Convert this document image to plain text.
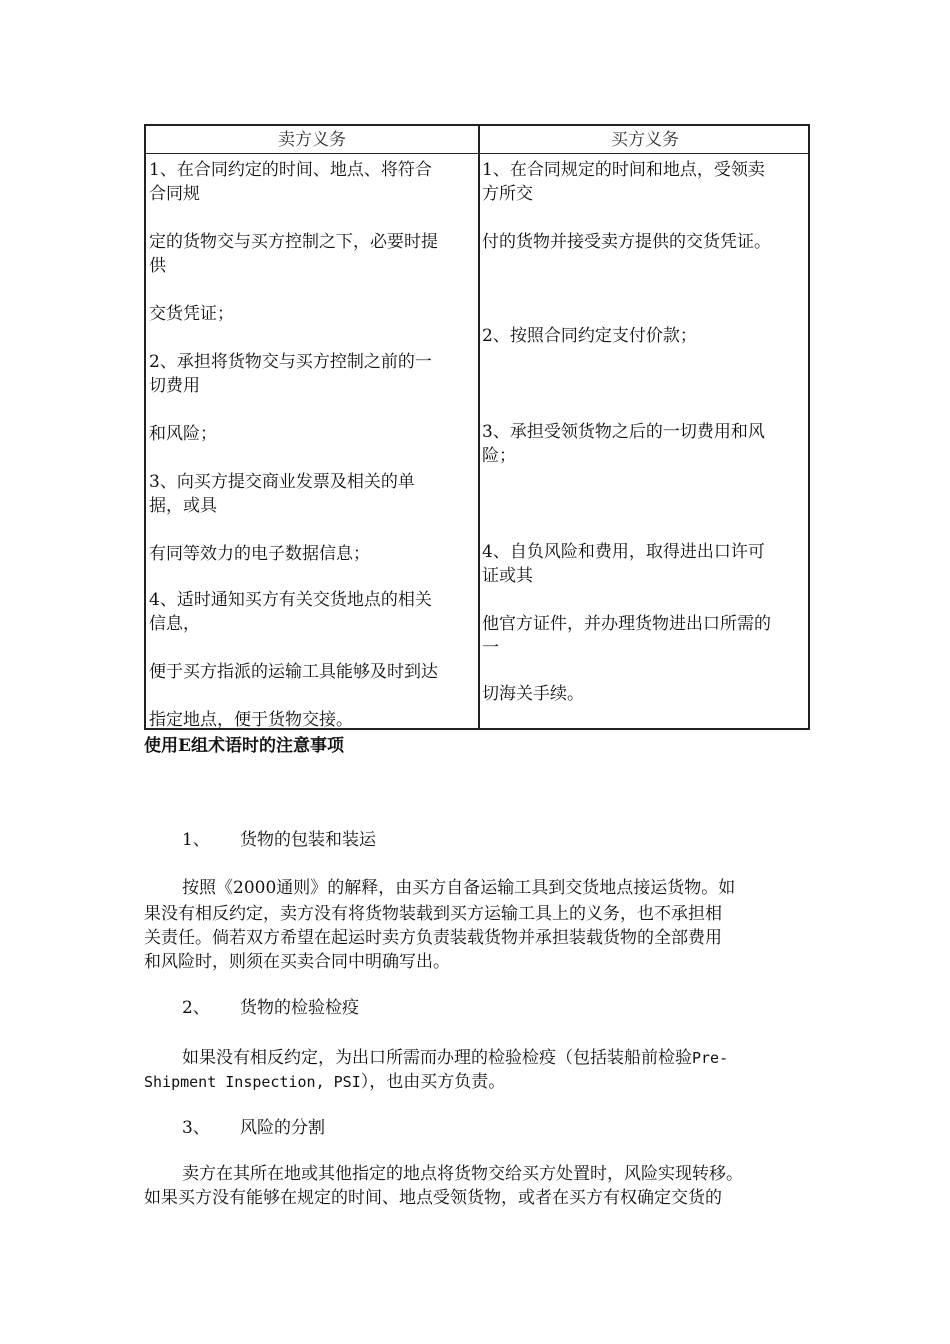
卖方义务	买方义务
1、在合同约定的时间、地点、将符合
合同规
定的货物交与买方控制之下，必要时提
供
交货凭证；
2、承担将货物交与买方控制之前的一
切费用
和风险；
3、向买方提交商业发票及相关的单
据，或具
有同等效力的电子数据信息；
4、适时通知买方有关交货地点的相关
信息，
便于买方指派的运输工具能够及时到达
指定地点，便于货物交接。
1、在合同规定的时间和地点，受领卖
方所交
付的货物并接受卖方提供的交货凭证。
2、按照合同约定支付价款；
3、承担受领货物之后的一切费用和风
险；
4、自负风险和费用，取得进出口许可
证或其
他官方证件，并办理货物进出口所需的
一
切海关手续。
使用E组术语时的注意事项
1、 货物的包装和装运
按照《2000通则》的解释，由买方自备运输工具到交货地点接运货物。如
果没有相反约定，卖方没有将货物装载到买方运输工具上的义务，也不承担相
关责任。倘若双方希望在起运时卖方负责装载货物并承担装载货物的全部费用
和风险时，则须在买卖合同中明确写出。
2、 货物的检验检疫
如果没有相反约定，为出口所需而办理的检验检疫（包括装船前检验Pre-
Shipment Inspection, PSI），也由买方负责。
3、 风险的分割
卖方在其所在地或其他指定的地点将货物交给买方处置时，风险实现转移。
如果买方没有能够在规定的时间、地点受领货物，或者在买方有权确定交货的
